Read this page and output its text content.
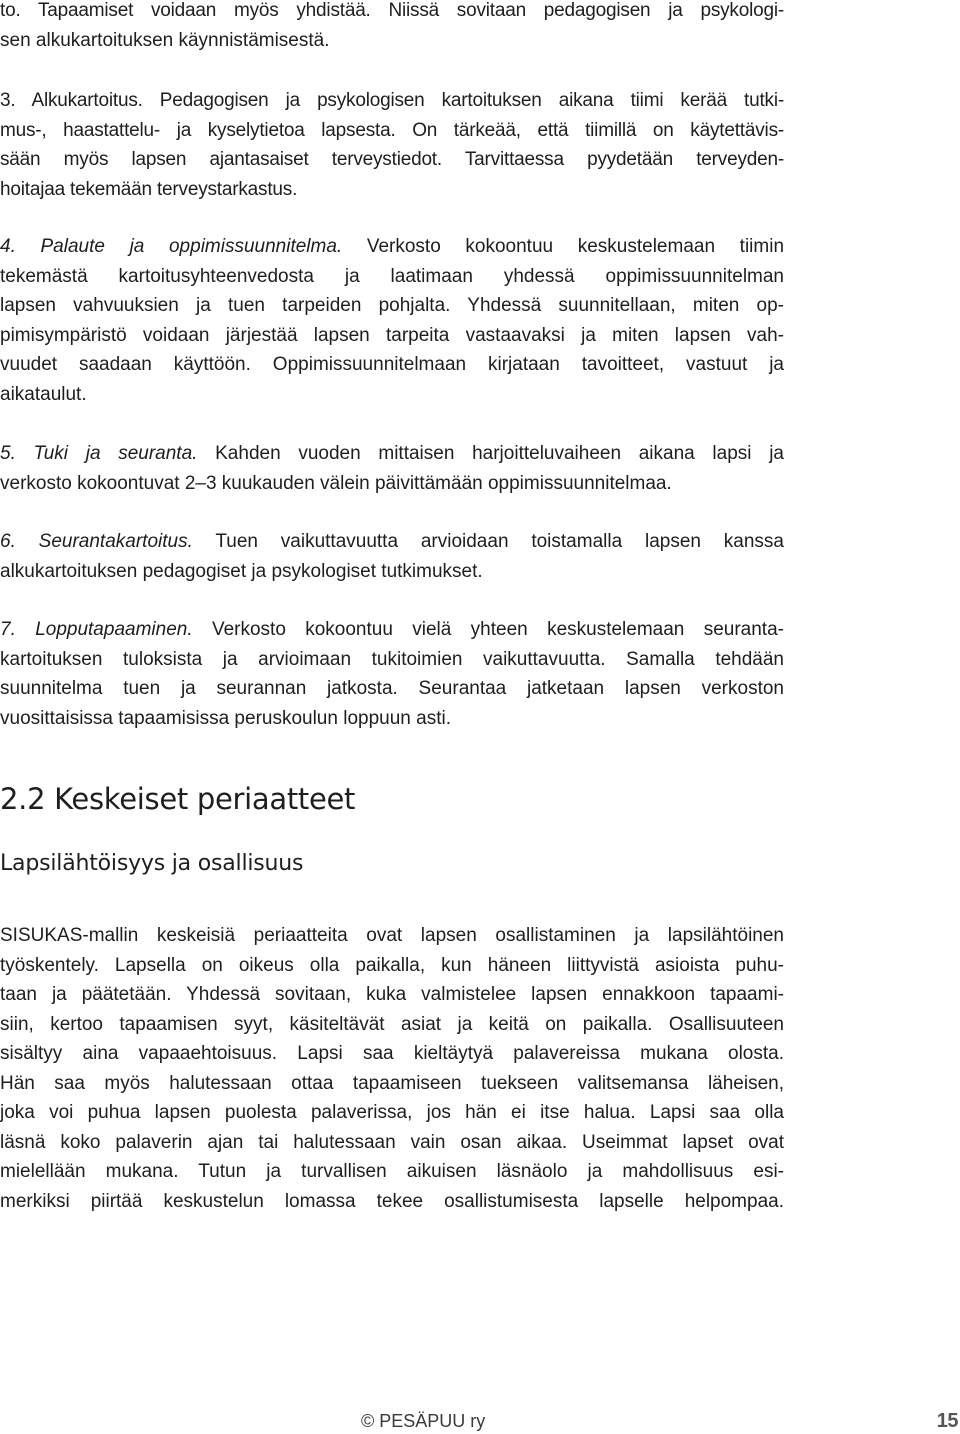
to. Tapaamiset voidaan myös yhdistää. Niissä sovitaan pedagogisen ja psykologi-
sen alkukartoituksen käynnistämisestä.
3. Alkukartoitus. Pedagogisen ja psykologisen kartoituksen aikana tiimi kerää tutki-
mus-, haastattelu- ja kyselytietoa lapsesta. On tärkeää, että tiimillä on käytettävis-
sään myös lapsen ajantasaiset terveystiedot. Tarvittaessa pyydetään terveyden-
hoitajaa tekemään terveystarkastus.
4. Palaute ja oppimissuunnitelma. Verkosto kokoontuu keskustelemaan tiimin
tekemästä kartoitusyhteenvedosta ja laatimaan yhdessä oppimissuunnitelman
lapsen vahvuuksien ja tuen tarpeiden pohjalta. Yhdessä suunnitellaan, miten op-
pimisympäristö voidaan järjestää lapsen tarpeita vastaavaksi ja miten lapsen vah-
vuudet saadaan käyttöön. Oppimissuunnitelmaan kirjataan tavoitteet, vastuut ja
aikataulut.
5. Tuki ja seuranta. Kahden vuoden mittaisen harjoitteluvaiheen aikana lapsi ja
verkosto kokoontuvat 2–3 kuukauden välein päivittämään oppimissuunnitelmaa.
6. Seurantakartoitus. Tuen vaikuttavuutta arvioidaan toistamalla lapsen kanssa
alkukartoituksen pedagogiset ja psykologiset tutkimukset.
7. Lopputapaaminen. Verkosto kokoontuu vielä yhteen keskustelemaan seuranta-
kartoituksen tuloksista ja arvioimaan tukitoimien vaikuttavuutta. Samalla tehdään
suunnitelma tuen ja seurannan jatkosta. Seurantaa jatketaan lapsen verkoston
vuosittaisissa tapaamisissa peruskoulun loppuun asti.
2.2 Keskeiset periaatteet
Lapsilähtöisyys ja osallisuus
SISUKAS-mallin keskeisiä periaatteita ovat lapsen osallistaminen ja lapsilähtöinen
työskentely. Lapsella on oikeus olla paikalla, kun häneen liittyvistä asioista puhu-
taan ja päätetään. Yhdessä sovitaan, kuka valmistelee lapsen ennakkoon tapaami-
siin, kertoo tapaamisen syyt, käsiteltävät asiat ja keitä on paikalla. Osallisuuteen
sisältyy aina vapaaehtoisuus. Lapsi saa kieltäytyä palavereissa mukana olosta.
Hän saa myös halutessaan ottaa tapaamiseen tuekseen valitsemansa läheisen,
joka voi puhua lapsen puolesta palaverissa, jos hän ei itse halua. Lapsi saa olla
läsnä koko palaverin ajan tai halutessaan vain osan aikaa. Useimmat lapset ovat
mielellään mukana. Tutun ja turvallisen aikuisen läsnäolo ja mahdollisuus esi-
merkiksi piirtää keskustelun lomassa tekee osallistumisesta lapselle helpompaa.
© PESÄPUU ry	15
